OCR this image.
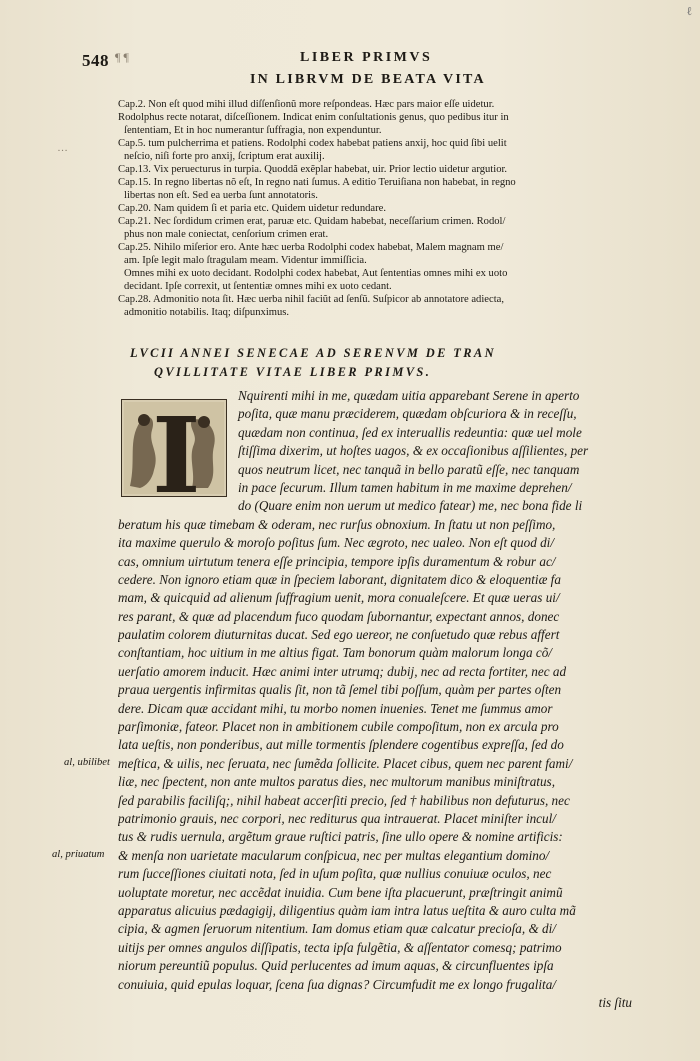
ℓ
548 ¶ ¶	LIBER PRIMVS
IN LIBRVM DE BEATA VITA
Cap.2. Non eſt quod mihi illud diſſenſionũ more reſpondeas. Hæc pars maior eſſe uidetur.
Rodolphus recte notarat, diſceſſionem. Indicat enim conſultationis genus, quo pedibus itur in
ſententiam, Et in hoc numerantur ſuffragia, non expenduntur.
Cap.5. tum pulcherrima et patiens. Rodolphi codex habebat patiens anxij, hoc quid ſibi uelit
neſcio, niſi forte pro anxij, ſcriptum erat auxilij.
Cap.13. Vix peruecturus in turpia. Quoddã exẽplar habebat, uir. Prior lectio uidetur argutior.
Cap.15. In regno libertas nõ eſt, In regno nati ſumus. A editio Teruiſiana non habebat, in regno
libertas non eſt. Sed ea uerba ſunt annotatoris.
Cap.20. Nam quidem ſi et paria etc. Quidem uidetur redundare.
Cap.21. Nec ſordidum crimen erat, paruæ etc. Quidam habebat, neceſſarium crimen. Rodol/
phus non male coniectat, cenſorium crimen erat.
Cap.25. Nihilo miſerior ero. Ante hæc uerba Rodolphi codex habebat, Malem magnam me/
am. Ipſe legit malo ſtragulam meam. Videntur immiſſicia.
Omnes mihi ex uoto decidant. Rodolphi codex habebat, Aut ſententias omnes mihi ex uoto
decidant. Ipſe correxit, ut ſententiæ omnes mihi ex uoto cedant.
Cap.28. Admonitio nota ſit. Hæc uerba nihil faciũt ad ſenſũ. Suſpicor ab annotatore adiecta,
admonitio notabilis. Itaq; diſpunximus.
LVCII ANNEI SENECAE AD SERENVM DE TRAN
QVILLITATE VITAE LIBER PRIMVS.
Nquirenti mihi in me, quædam uitia apparebant Serene in aperto
poſita, quæ manu præciderem, quædam obſcuriora & in receſſu,
quædam non continua, ſed ex interuallis redeuntia: quæ uel mole
ſtiſſima dixerim, ut hoſtes uagos, & ex occaſionibus aſſilientes, per
quos neutrum licet, nec tanquã in bello paratũ eſſe, nec tanquam
in pace ſecurum. Illum tamen habitum in me maxime deprehen/
do (Quare enim non uerum ut medico fatear) me, nec bona fide li
beratum his quæ timebam & oderam, nec rurſus obnoxium. In ſtatu ut non peſſimo,
ita maxime querulo & moroſo poſitus ſum. Nec ægroto, nec ualeo. Non eſt quod di/
cas, omnium uirtutum tenera eſſe principia, tempore ipſis duramentum & robur ac/
cedere. Non ignoro etiam quæ in ſpeciem laborant, dignitatem dico & eloquentiæ fa
mam, & quicquid ad alienum ſuffragium uenit, mora conualeſcere. Et quæ ueras ui/
res parant, & quæ ad placendum fuco quodam ſubornantur, expectant annos, donec
paulatim colorem diuturnitas ducat. Sed ego uereor, ne conſuetudo quæ rebus affert
conſtantiam, hoc uitium in me altius figat. Tam bonorum quàm malorum longa cõ/
uerſatio amorem inducit. Hæc animi inter utrumq; dubij, nec ad recta fortiter, nec ad
praua uergentis infirmitas qualis ſit, non tã ſemel tibi poſſum, quàm per partes oſten
dere. Dicam quæ accidant mihi, tu morbo nomen inuenies. Tenet me ſummus amor
parſimoniæ, fateor. Placet non in ambitionem cubile compoſitum, non ex arcula pro
lata ueſtis, non ponderibus, aut mille tormentis ſplendere cogentibus expreſſa, ſed do
meſtica, & uilis, nec ſeruata, nec ſumẽda ſollicite. Placet cibus, quem nec parent fami/
liæ, nec ſpectent, non ante multos paratus dies, nec multorum manibus miniſtratus,
ſed parabilis faciliſq;, nihil habeat accerſiti precio, ſed † habilibus non defuturus, nec
patrimonio grauis, nec corpori, nec rediturus qua intrauerat. Placet miniſter incul/
tus & rudis uernula, argẽtum graue ruſtici patris, ſine ullo opere & nomine artificis:
& menſa non uarietate macularum conſpicua, nec per multas elegantium domino/
rum ſucceſſiones ciuitati nota, ſed in uſum poſita, quæ nullius conuiuæ oculos, nec
uoluptate moretur, nec accẽdat inuidia. Cum bene iſta placuerunt, præſtringit animũ
apparatus alicuius pædagigij, diligentius quàm iam intra latus ueſtita & auro culta mã
cipia, & agmen ſeruorum nitentium. Iam domus etiam quæ calcatur precioſa, & di/
uitijs per omnes angulos diſſipatis, tecta ipſa fulgẽtia, & aſſentator comesq; patrimo
niorum pereuntiũ populus. Quid perlucentes ad imum aquas, & circunfluentes ipſa
conuiuia, quid epulas loquar, ſcena ſua dignas? Circumfudit me ex longo frugalita/
tis ſitu
I
al, ubilibet
al, priuatum
…
